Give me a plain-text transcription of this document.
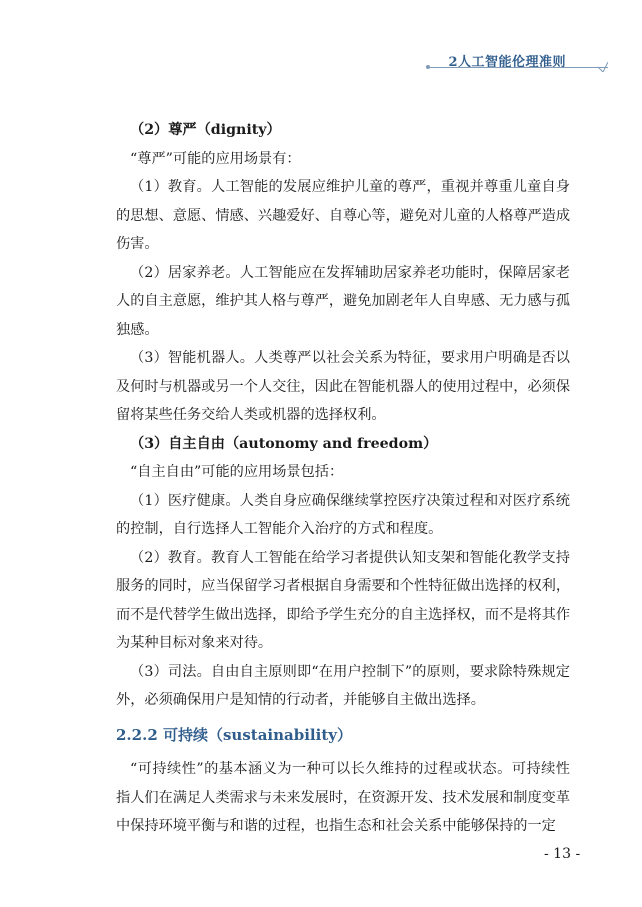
2人工智能伦理准则

（2）尊严（dignity）

“尊严”可能的应用场景有：

（1）教育。人工智能的发展应维护儿童的尊严，重视并尊重儿童自身的思想、意愿、情感、兴趣爱好、自尊心等，避免对儿童的人格尊严造成伤害。

（2）居家养老。人工智能应在发挥辅助居家养老功能时，保障居家老人的自主意愿，维护其人格与尊严，避免加剧老年人自卑感、无力感与孤独感。

（3）智能机器人。人类尊严以社会关系为特征，要求用户明确是否以及何时与机器或另一个人交往，因此在智能机器人的使用过程中，必须保留将某些任务交给人类或机器的选择权利。

（3）自主自由（autonomy and freedom）

“自主自由”可能的应用场景包括：

（1）医疗健康。人类自身应确保继续掌控医疗决策过程和对医疗系统的控制，自行选择人工智能介入治疗的方式和程度。

（2）教育。教育人工智能在给学习者提供认知支架和智能化教学支持服务的同时，应当保留学习者根据自身需要和个性特征做出选择的权利，而不是代替学生做出选择，即给予学生充分的自主选择权，而不是将其作为某种目标对象来对待。

（3）司法。自由自主原则即“在用户控制下”的原则，要求除特殊规定外，必须确保用户是知情的行动者，并能够自主做出选择。

2.2.2 可持续（sustainability）

“可持续性”的基本涵义为一种可以长久维持的过程或状态。可持续性指人们在满足人类需求与未来发展时，在资源开发、技术发展和制度变革中保持环境平衡与和谐的过程，也指生态和社会关系中能够保持的一定

- 13 -
